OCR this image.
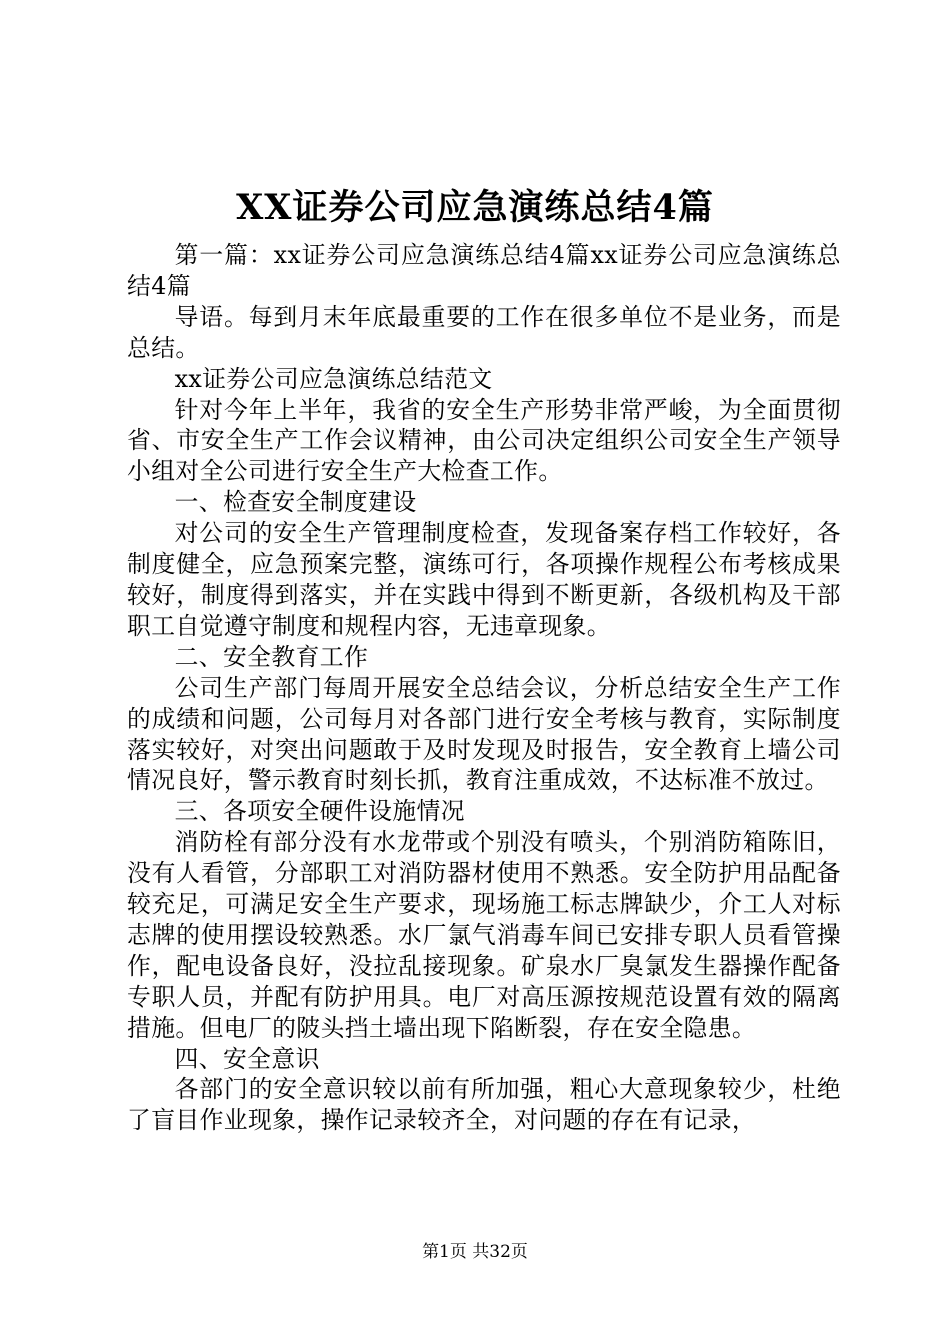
XX证券公司应急演练总结4篇

第一篇：xx证券公司应急演练总结4篇xx证券公司应急演练总结4篇

导语。每到月末年底最重要的工作在很多单位不是业务，而是总结。

xx证券公司应急演练总结范文

针对今年上半年，我省的安全生产形势非常严峻，为全面贯彻省、市安全生产工作会议精神，由公司决定组织公司安全生产领导小组对全公司进行安全生产大检查工作。

一、检查安全制度建设

对公司的安全生产管理制度检查，发现备案存档工作较好，各制度健全，应急预案完整，演练可行，各项操作规程公布考核成果较好，制度得到落实，并在实践中得到不断更新，各级机构及干部职工自觉遵守制度和规程内容，无违章现象。

二、安全教育工作

公司生产部门每周开展安全总结会议，分析总结安全生产工作的成绩和问题，公司每月对各部门进行安全考核与教育，实际制度落实较好，对突出问题敢于及时发现及时报告，安全教育上墙公司情况良好，警示教育时刻长抓，教育注重成效，不达标准不放过。

三、各项安全硬件设施情况

消防栓有部分没有水龙带或个别没有喷头，个别消防箱陈旧，没有人看管，分部职工对消防器材使用不熟悉。安全防护用品配备较充足，可满足安全生产要求，现场施工标志牌缺少，介工人对标志牌的使用摆设较熟悉。水厂氯气消毒车间已安排专职人员看管操作，配电设备良好，没拉乱接现象。矿泉水厂臭氯发生器操作配备专职人员，并配有防护用具。电厂对高压源按规范设置有效的隔离措施。但电厂的陂头挡土墙出现下陷断裂，存在安全隐患。

四、安全意识

各部门的安全意识较以前有所加强，粗心大意现象较少，杜绝了盲目作业现象，操作记录较齐全，对问题的存在有记录，

第1页 共32页
